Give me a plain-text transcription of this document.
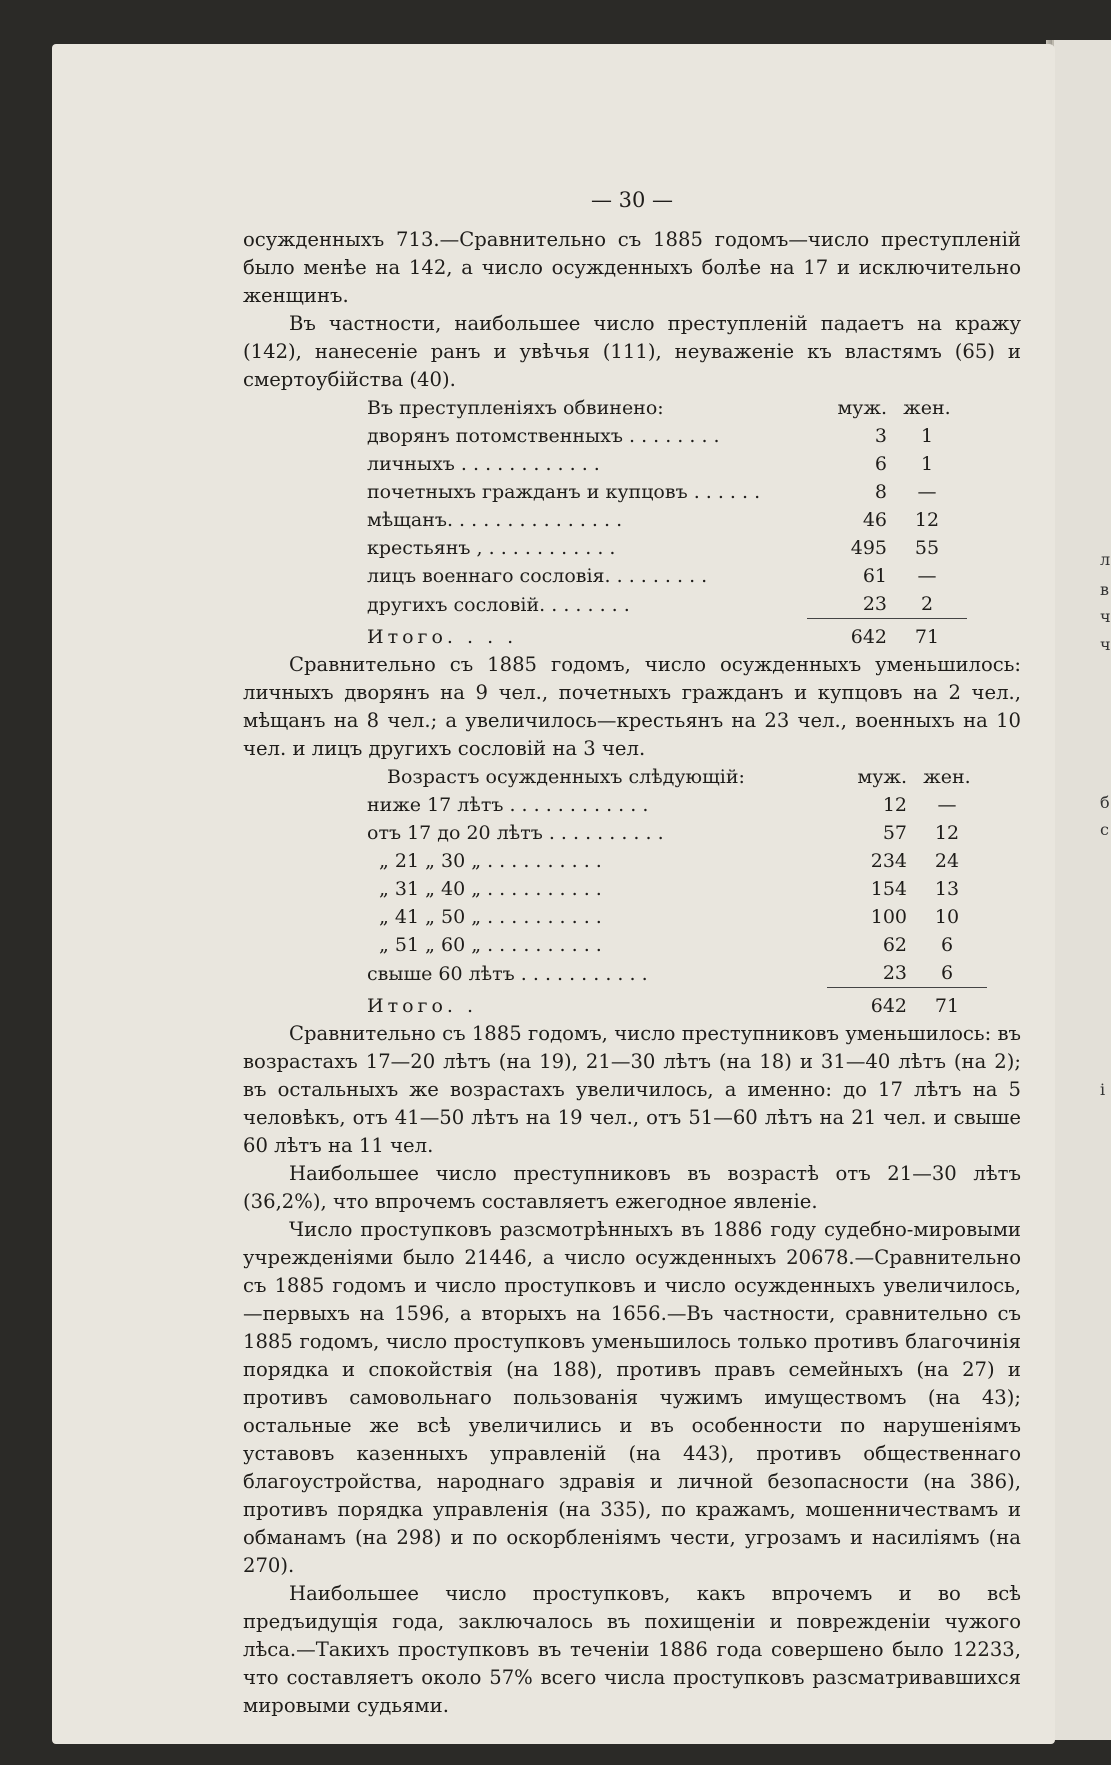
л
в
ч
ч
б
с
і
— 30 —

осужденныхъ 713.—Сравнительно съ 1885 годомъ—число преступленій было менѣе на 142, а число осужденныхъ болѣе на 17 и исключительно женщинъ.

Въ частности, наибольшее число преступленій падаетъ на кражу (142), нанесеніе ранъ и увѣчья (111), неуваженіе къ властямъ (65) и смертоубійства (40).

Въ преступленіяхъ обвинено:	муж.	жен.
дворянъ потомственныхъ . . . . . . . .	3	1
личныхъ . . . . . . . . . . . .	6	1
почетныхъ гражданъ и купцовъ . . . . . .	8	—
мѣщанъ. . . . . . . . . . . . . . .	46	12
крестьянъ , . . . . . . . . . . .	495	55
лицъ военнаго сословія. . . . . . . . .	61	—
другихъ сословій. . . . . . . .	23	2
Итого. . . .	642	71

Сравнительно съ 1885 годомъ, число осужденныхъ уменьшилось: личныхъ дворянъ на 9 чел., почетныхъ гражданъ и купцовъ на 2 чел., мѣщанъ на 8 чел.; а увеличилось—крестьянъ на 23 чел., военныхъ на 10 чел. и лицъ другихъ сословій на 3 чел.

Возрастъ осужденныхъ слѣдующій:	муж.	жен.
ниже 17 лѣтъ . . . . . . . . . . . .	12	—
отъ 17 до 20 лѣтъ . . . . . . . . . .	57	12
„ 21 „ 30 „ . . . . . . . . . .	234	24
„ 31 „ 40 „ . . . . . . . . . .	154	13
„ 41 „ 50 „ . . . . . . . . . .	100	10
„ 51 „ 60 „ . . . . . . . . . .	62	6
свыше 60 лѣтъ . . . . . . . . . . .	23	6
Итого. .	642	71

Сравнительно съ 1885 годомъ, число преступниковъ уменьшилось: въ возрастахъ 17—20 лѣтъ (на 19), 21—30 лѣтъ (на 18) и 31—40 лѣтъ (на 2); въ остальныхъ же возрастахъ увеличилось, а именно: до 17 лѣтъ на 5 человѣкъ, отъ 41—50 лѣтъ на 19 чел., отъ 51—60 лѣтъ на 21 чел. и свыше 60 лѣтъ на 11 чел.

Наибольшее число преступниковъ въ возрастѣ отъ 21—30 лѣтъ (36,2%), что впрочемъ составляетъ ежегодное явленіе.

Число проступковъ разсмотрѣнныхъ въ 1886 году судебно-мировыми учрежденіями было 21446, а число осужденныхъ 20678.—Сравнительно съ 1885 годомъ и число проступковъ и число осужденныхъ увеличилось,—первыхъ на 1596, а вторыхъ на 1656.—Въ частности, сравнительно съ 1885 годомъ, число проступковъ уменьшилось только противъ благочинія порядка и спокойствія (на 188), противъ правъ семейныхъ (на 27) и противъ самовольнаго пользованія чужимъ имуществомъ (на 43); остальные же всѣ увеличились и въ особенности по нарушеніямъ уставовъ казенныхъ управленій (на 443), противъ общественнаго благоустройства, народнаго здравія и личной безопасности (на 386), противъ порядка управленія (на 335), по кражамъ, мошенничествамъ и обманамъ (на 298) и по оскорбленіямъ чести, угрозамъ и насиліямъ (на 270).

Наибольшее число проступковъ, какъ впрочемъ и во всѣ предъидущія года, заключалось въ похищеніи и поврежденіи чужого лѣса.—Такихъ проступковъ въ теченіи 1886 года совершено было 12233, что составляетъ около 57% всего числа проступковъ разсматривавшихся мировыми судьями.
